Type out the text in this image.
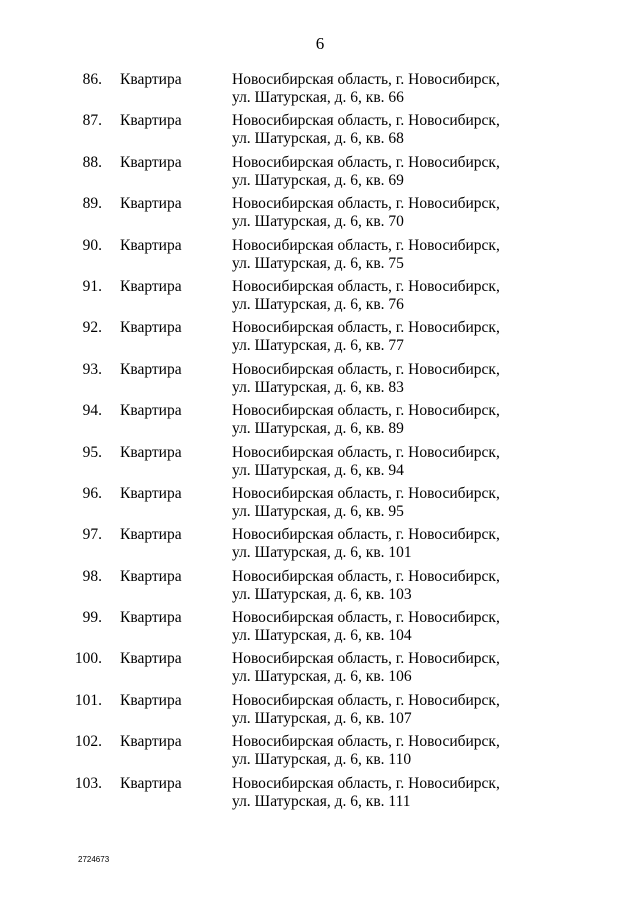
6
86. Квартира	Новосибирская область, г. Новосибирск,
ул. Шатурская, д. 6, кв. 66
87. Квартира	Новосибирская область, г. Новосибирск,
ул. Шатурская, д. 6, кв. 68
88. Квартира	Новосибирская область, г. Новосибирск,
ул. Шатурская, д. 6, кв. 69
89. Квартира	Новосибирская область, г. Новосибирск,
ул. Шатурская, д. 6, кв. 70
90. Квартира	Новосибирская область, г. Новосибирск,
ул. Шатурская, д. 6, кв. 75
91. Квартира	Новосибирская область, г. Новосибирск,
ул. Шатурская, д. 6, кв. 76
92. Квартира	Новосибирская область, г. Новосибирск,
ул. Шатурская, д. 6, кв. 77
93. Квартира	Новосибирская область, г. Новосибирск,
ул. Шатурская, д. 6, кв. 83
94. Квартира	Новосибирская область, г. Новосибирск,
ул. Шатурская, д. 6, кв. 89
95. Квартира	Новосибирская область, г. Новосибирск,
ул. Шатурская, д. 6, кв. 94
96. Квартира	Новосибирская область, г. Новосибирск,
ул. Шатурская, д. 6, кв. 95
97. Квартира	Новосибирская область, г. Новосибирск,
ул. Шатурская, д. 6, кв. 101
98. Квартира	Новосибирская область, г. Новосибирск,
ул. Шатурская, д. 6, кв. 103
99. Квартира	Новосибирская область, г. Новосибирск,
ул. Шатурская, д. 6, кв. 104
100. Квартира	Новосибирская область, г. Новосибирск,
ул. Шатурская, д. 6, кв. 106
101. Квартира	Новосибирская область, г. Новосибирск,
ул. Шатурская, д. 6, кв. 107
102. Квартира	Новосибирская область, г. Новосибирск,
ул. Шатурская, д. 6, кв. 110
103. Квартира	Новосибирская область, г. Новосибирск,
ул. Шатурская, д. 6, кв. 111
2724673
